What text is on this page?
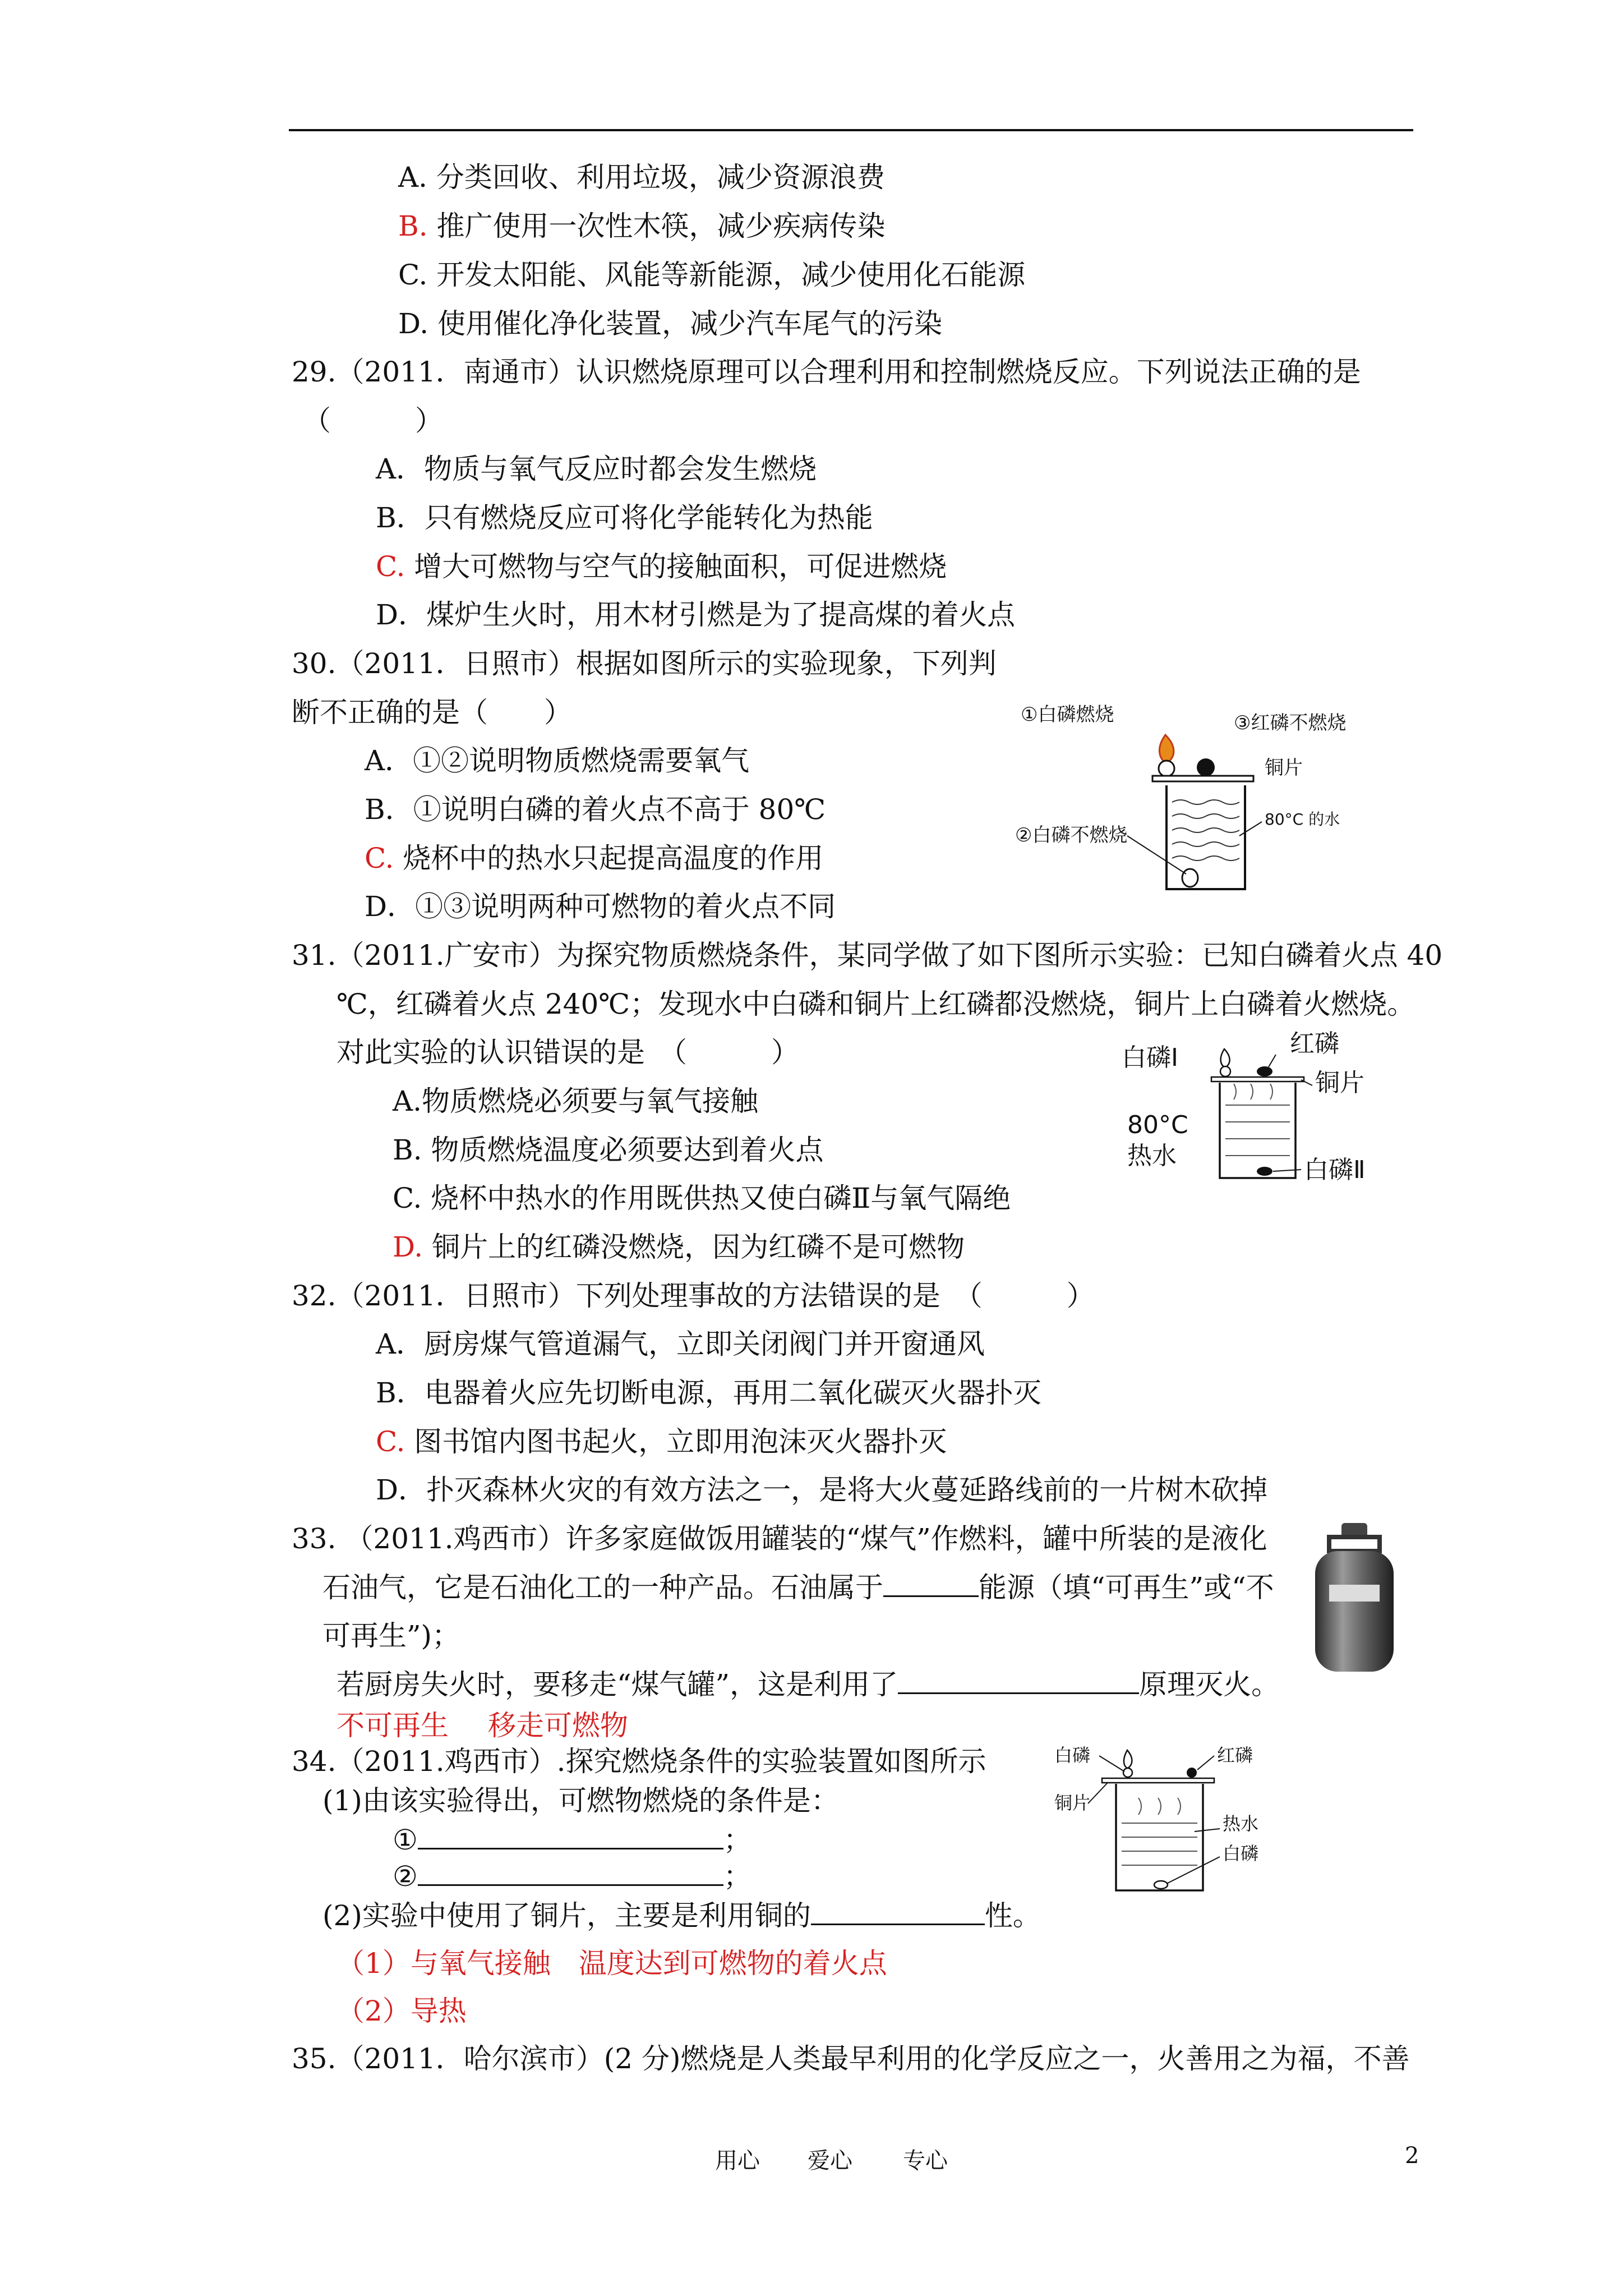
A. 分类回收、利用垃圾，减少资源浪费
B. 推广使用一次性木筷，减少疾病传染
C. 开发太阳能、风能等新能源，减少使用化石能源
D. 使用催化净化装置，减少汽车尾气的污染
29.（2011．南通市）认识燃烧原理可以合理利用和控制燃烧反应。下列说法正确的是
（　　　）
A．物质与氧气反应时都会发生燃烧
B．只有燃烧反应可将化学能转化为热能
C. 增大可燃物与空气的接触面积，可促进燃烧
D．煤炉生火时，用木材引燃是为了提高煤的着火点
30.（2011．日照市）根据如图所示的实验现象，下列判
断不正确的是（　　）
A．①②说明物质燃烧需要氧气
B．①说明白磷的着火点不高于 80℃
C. 烧杯中的热水只起提高温度的作用
D．①③说明两种可燃物的着火点不同
①白磷燃烧	③红磷不燃烧
铜片
②白磷不燃烧
80°C 的水
31.（2011.广安市）为探究物质燃烧条件，某同学做了如下图所示实验：已知白磷着火点 40
℃，红磷着火点 240℃；发现水中白磷和铜片上红磷都没燃烧，铜片上白磷着火燃烧。
对此实验的认识错误的是　（　　　）
A.物质燃烧必须要与氧气接触
B. 物质燃烧温度必须要达到着火点
C. 烧杯中热水的作用既供热又使白磷Ⅱ与氧气隔绝
D. 铜片上的红磷没燃烧，因为红磷不是可燃物
白磷Ⅰ	红磷
铜片
80°C
热水	白磷Ⅱ
32.（2011．日照市）下列处理事故的方法错误的是　（　　　）
A．厨房煤气管道漏气，立即关闭阀门并开窗通风
B．电器着火应先切断电源，再用二氧化碳灭火器扑灭
C. 图书馆内图书起火，立即用泡沫灭火器扑灭
D．扑灭森林火灾的有效方法之一，是将大火蔓延路线前的一片树木砍掉
33. （2011.鸡西市）许多家庭做饭用罐装的“煤气”作燃料，罐中所装的是液化
石油气，它是石油化工的一种产品。石油属于	能源（填“可再生”或“不
可再生”)；
若厨房失火时，要移走“煤气罐”，这是利用了	原理灭火。
不可再生 移走可燃物
34.（2011.鸡西市）.探究燃烧条件的实验装置如图所示
(1)由该实验得出，可燃物燃烧的条件是：
①	；
②	；
(2)实验中使用了铜片，主要是利用铜的	性。
（1）与氧气接触 温度达到可燃物的着火点
（2）导热
白磷	红磷
铜片
热水
白磷
35.（2011．哈尔滨市）(2 分)燃烧是人类最早利用的化学反应之一，火善用之为福，不善
用心 爱心 专心	2
